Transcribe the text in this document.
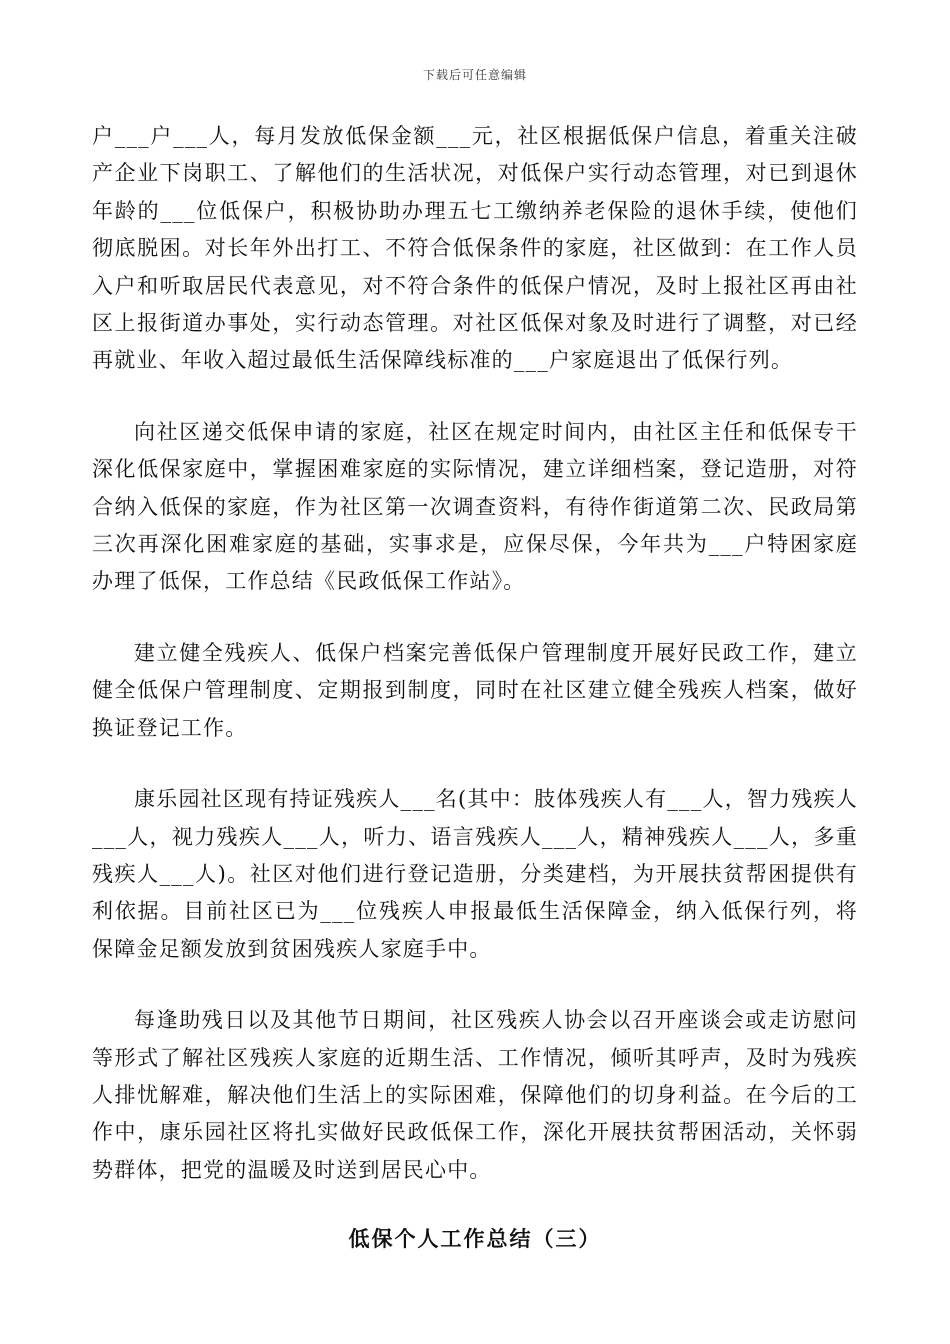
下载后可任意编辑

户___户___人，每月发放低保金额___元，社区根据低保户信息，着重关注破产企业下岗职工、了解他们的生活状况，对低保户实行动态管理，对已到退休年龄的___位低保户，积极协助办理五七工缴纳养老保险的退休手续，使他们彻底脱困。对长年外出打工、不符合低保条件的家庭，社区做到：在工作人员入户和听取居民代表意见，对不符合条件的低保户情况，及时上报社区再由社区上报街道办事处，实行动态管理。对社区低保对象及时进行了调整，对已经再就业、年收入超过最低生活保障线标准的___户家庭退出了低保行列。

向社区递交低保申请的家庭，社区在规定时间内，由社区主任和低保专干深化低保家庭中，掌握困难家庭的实际情况，建立详细档案，登记造册，对符合纳入低保的家庭，作为社区第一次调查资料，有待作街道第二次、民政局第三次再深化困难家庭的基础，实事求是，应保尽保，今年共为___户特困家庭办理了低保，工作总结《民政低保工作站》。

建立健全残疾人、低保户档案完善低保户管理制度开展好民政工作，建立健全低保户管理制度、定期报到制度，同时在社区建立健全残疾人档案，做好换证登记工作。

康乐园社区现有持证残疾人___名(其中：肢体残疾人有___人，智力残疾人___人，视力残疾人___人，听力、语言残疾人___人，精神残疾人___人，多重残疾人___人)。社区对他们进行登记造册，分类建档，为开展扶贫帮困提供有利依据。目前社区已为___位残疾人申报最低生活保障金，纳入低保行列，将保障金足额发放到贫困残疾人家庭手中。

每逢助残日以及其他节日期间，社区残疾人协会以召开座谈会或走访慰问等形式了解社区残疾人家庭的近期生活、工作情况，倾听其呼声，及时为残疾人排忧解难，解决他们生活上的实际困难，保障他们的切身利益。在今后的工作中，康乐园社区将扎实做好民政低保工作，深化开展扶贫帮困活动，关怀弱势群体，把党的温暖及时送到居民心中。

低保个人工作总结（三）
